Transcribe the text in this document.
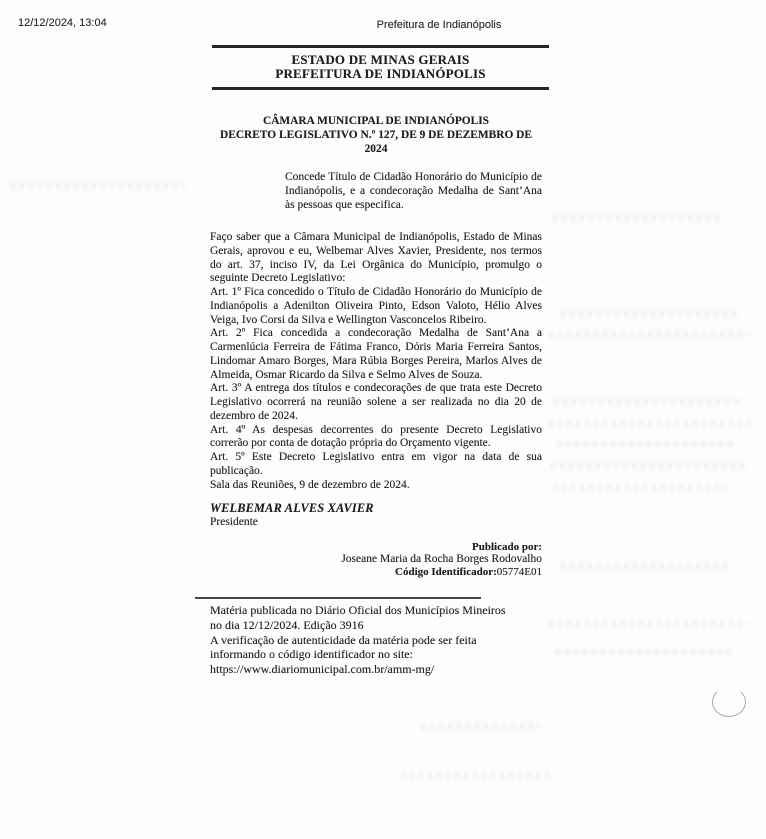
12/12/2024, 13:04	Prefeitura de Indianópolis
ESTADO DE MINAS GERAIS
PREFEITURA DE INDIANÓPOLIS
CÂMARA MUNICIPAL DE INDIANÓPOLIS
DECRETO LEGISLATIVO N.º 127, DE 9 DE DEZEMBRO DE 2024
Concede Título de Cidadão Honorário do Município de Indianópolis, e a condecoração Medalha de Sant’Ana às pessoas que especifica.

Faço saber que a Câmara Municipal de Indianópolis, Estado de Minas Gerais, aprovou e eu, Welbemar Alves Xavier, Presidente, nos termos do art. 37, inciso IV, da Lei Orgânica do Município, promulgo o seguinte Decreto Legislativo:

Art. 1º Fica concedido o Título de Cidadão Honorário do Município de Indianópolis a Adenilton Oliveira Pinto, Edson Valoto, Hélio Alves Veiga, Ivo Corsi da Silva e Wellington Vasconcelos Ribeiro.

Art. 2º Fica concedida a condecoração Medalha de Sant’Ana a Carmenlúcia Ferreira de Fátima Franco, Dóris Maria Ferreira Santos, Lindomar Amaro Borges, Mara Rúbia Borges Pereira, Marlos Alves de Almeida, Osmar Ricardo da Silva e Selmo Alves de Souza.

Art. 3º A entrega dos títulos e condecorações de que trata este Decreto Legislativo ocorrerá na reunião solene a ser realizada no dia 20 de dezembro de 2024.

Art. 4º As despesas decorrentes do presente Decreto Legislativo correrão por conta de dotação própria do Orçamento vigente.

Art. 5º Este Decreto Legislativo entra em vigor na data de sua publicação.

Sala das Reuniões, 9 de dezembro de 2024.

WELBEMAR ALVES XAVIER
Presidente
Publicado por:
Joseane Maria da Rocha Borges Rodovalho
Código Identificador:05774E01
Matéria publicada no Diário Oficial dos Municípios Mineiros
no dia 12/12/2024. Edição 3916
A verificação de autenticidade da matéria pode ser feita
informando o código identificador no site:
https://www.diariomunicipal.com.br/amm-mg/
